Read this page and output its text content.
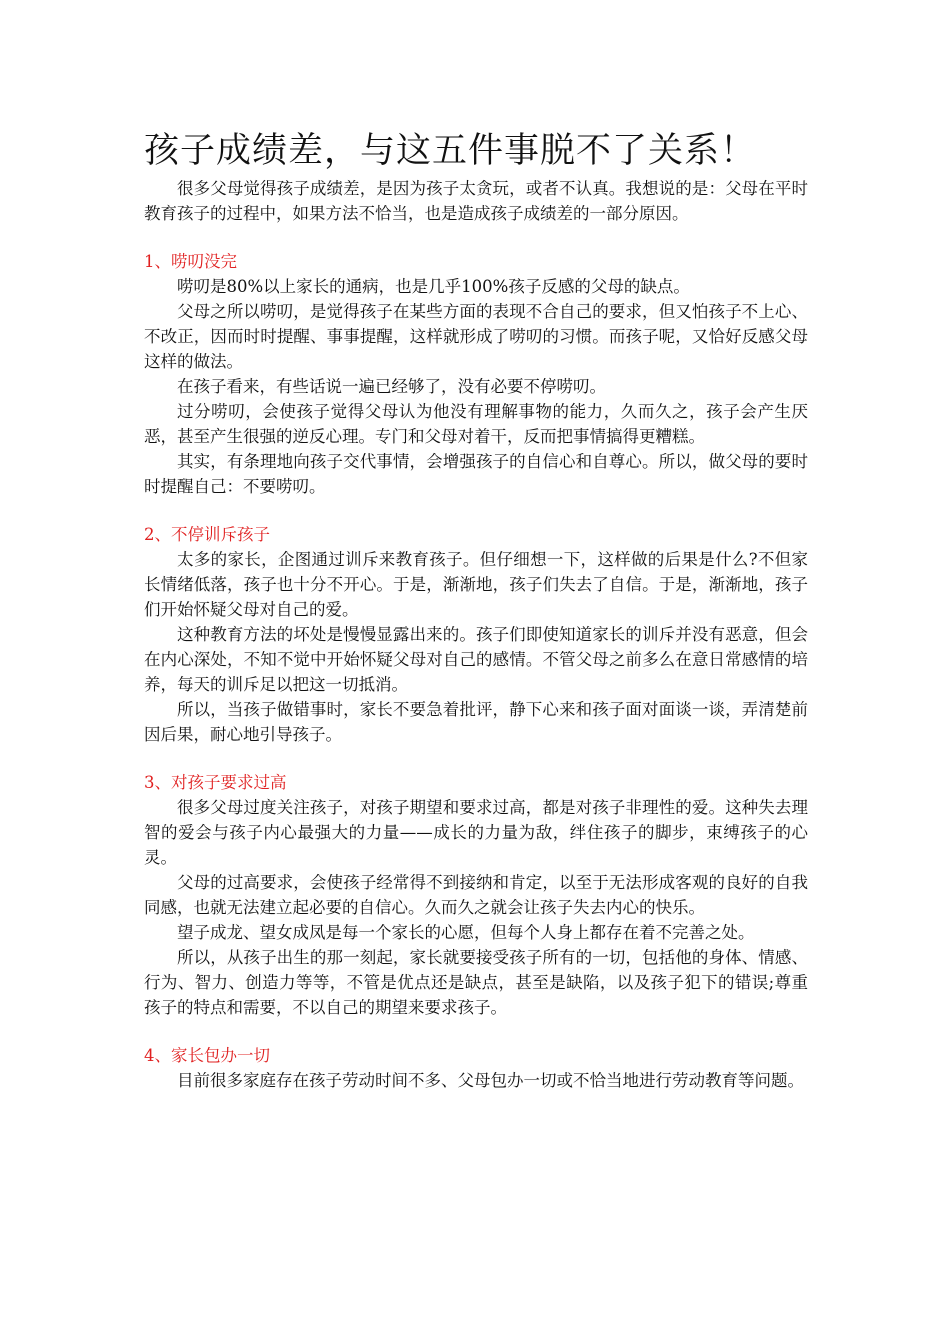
孩子成绩差，与这五件事脱不了关系！

很多父母觉得孩子成绩差，是因为孩子太贪玩，或者不认真。我想说的是：父母在平时教育孩子的过程中，如果方法不恰当，也是造成孩子成绩差的一部分原因。

1、唠叨没完

唠叨是80%以上家长的通病，也是几乎100%孩子反感的父母的缺点。

父母之所以唠叨，是觉得孩子在某些方面的表现不合自己的要求，但又怕孩子不上心、不改正，因而时时提醒、事事提醒，这样就形成了唠叨的习惯。而孩子呢，又恰好反感父母这样的做法。

在孩子看来，有些话说一遍已经够了，没有必要不停唠叨。

过分唠叨，会使孩子觉得父母认为他没有理解事物的能力，久而久之，孩子会产生厌恶，甚至产生很强的逆反心理。专门和父母对着干，反而把事情搞得更糟糕。

其实，有条理地向孩子交代事情，会增强孩子的自信心和自尊心。所以，做父母的要时时提醒自己：不要唠叨。

2、不停训斥孩子

太多的家长，企图通过训斥来教育孩子。但仔细想一下，这样做的后果是什么?不但家长情绪低落，孩子也十分不开心。于是，渐渐地，孩子们失去了自信。于是，渐渐地，孩子们开始怀疑父母对自己的爱。

这种教育方法的坏处是慢慢显露出来的。孩子们即使知道家长的训斥并没有恶意，但会在内心深处，不知不觉中开始怀疑父母对自己的感情。不管父母之前多么在意日常感情的培养，每天的训斥足以把这一切抵消。

所以，当孩子做错事时，家长不要急着批评，静下心来和孩子面对面谈一谈，弄清楚前因后果，耐心地引导孩子。

3、对孩子要求过高

很多父母过度关注孩子，对孩子期望和要求过高，都是对孩子非理性的爱。这种失去理智的爱会与孩子内心最强大的力量——成长的力量为敌，绊住孩子的脚步，束缚孩子的心灵。

父母的过高要求，会使孩子经常得不到接纳和肯定，以至于无法形成客观的良好的自我同感，也就无法建立起必要的自信心。久而久之就会让孩子失去内心的快乐。

望子成龙、望女成凤是每一个家长的心愿，但每个人身上都存在着不完善之处。

所以，从孩子出生的那一刻起，家长就要接受孩子所有的一切，包括他的身体、情感、行为、智力、创造力等等，不管是优点还是缺点，甚至是缺陷，以及孩子犯下的错误;尊重孩子的特点和需要，不以自己的期望来要求孩子。

4、家长包办一切

目前很多家庭存在孩子劳动时间不多、父母包办一切或不恰当地进行劳动教育等问题。
